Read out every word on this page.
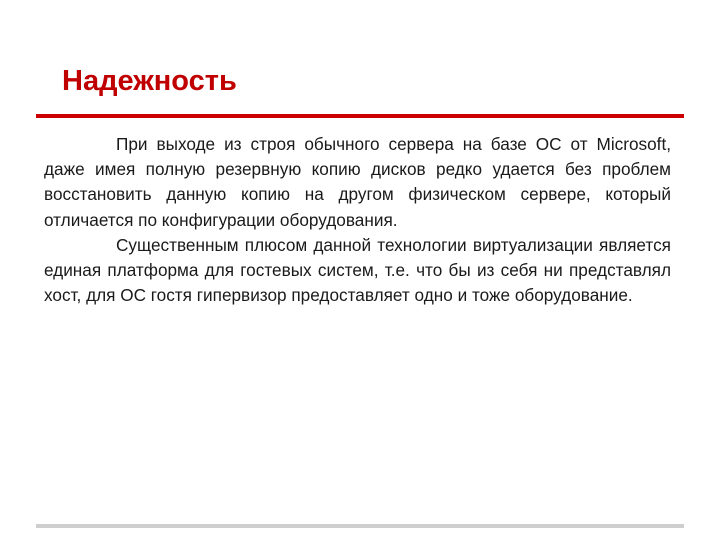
Надежность

При выходе из строя обычного сервера на базе ОС от Microsoft, даже имея полную резервную копию дисков редко удается без проблем восстановить данную копию на другом физическом сервере, который отличается по конфигурации оборудования.

Существенным плюсом данной технологии виртуализации является единая платформа для гостевых систем, т.е. что бы из себя ни представлял хост, для ОС гостя гипервизор предоставляет одно и тоже оборудование.
